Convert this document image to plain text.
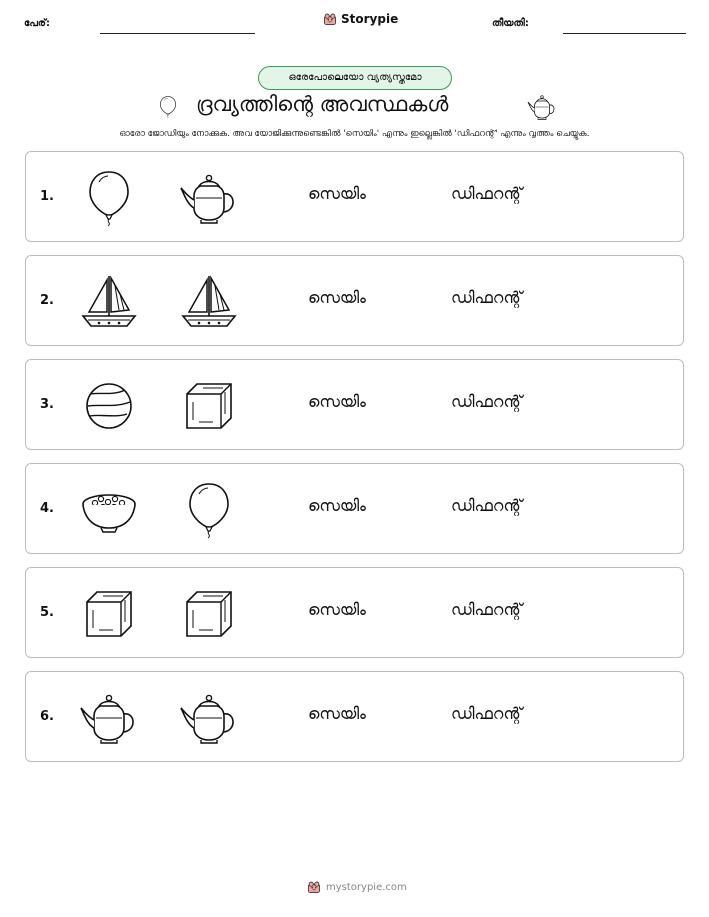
പേര്:	Storypie	തീയതി:
ഒരേപോലെയോ വ്യത്യസ്തമോ
ദ്രവ്യത്തിന്റെ അവസ്ഥകൾ
ഓരോ ജോഡിയും നോക്കുക. അവ യോജിക്കുന്നുണ്ടെങ്കിൽ 'സെയിം' എന്നും ഇല്ലെങ്കിൽ 'ഡിഫറന്റ്' എന്നും വൃത്തം ചെയ്യുക.
1.	സെയിം	ഡിഫറന്റ്
2.	സെയിം	ഡിഫറന്റ്
3.	സെയിം	ഡിഫറന്റ്
4.	സെയിം	ഡിഫറന്റ്
5.	സെയിം	ഡിഫറന്റ്
6.	സെയിം	ഡിഫറന്റ്
mystorypie.com
